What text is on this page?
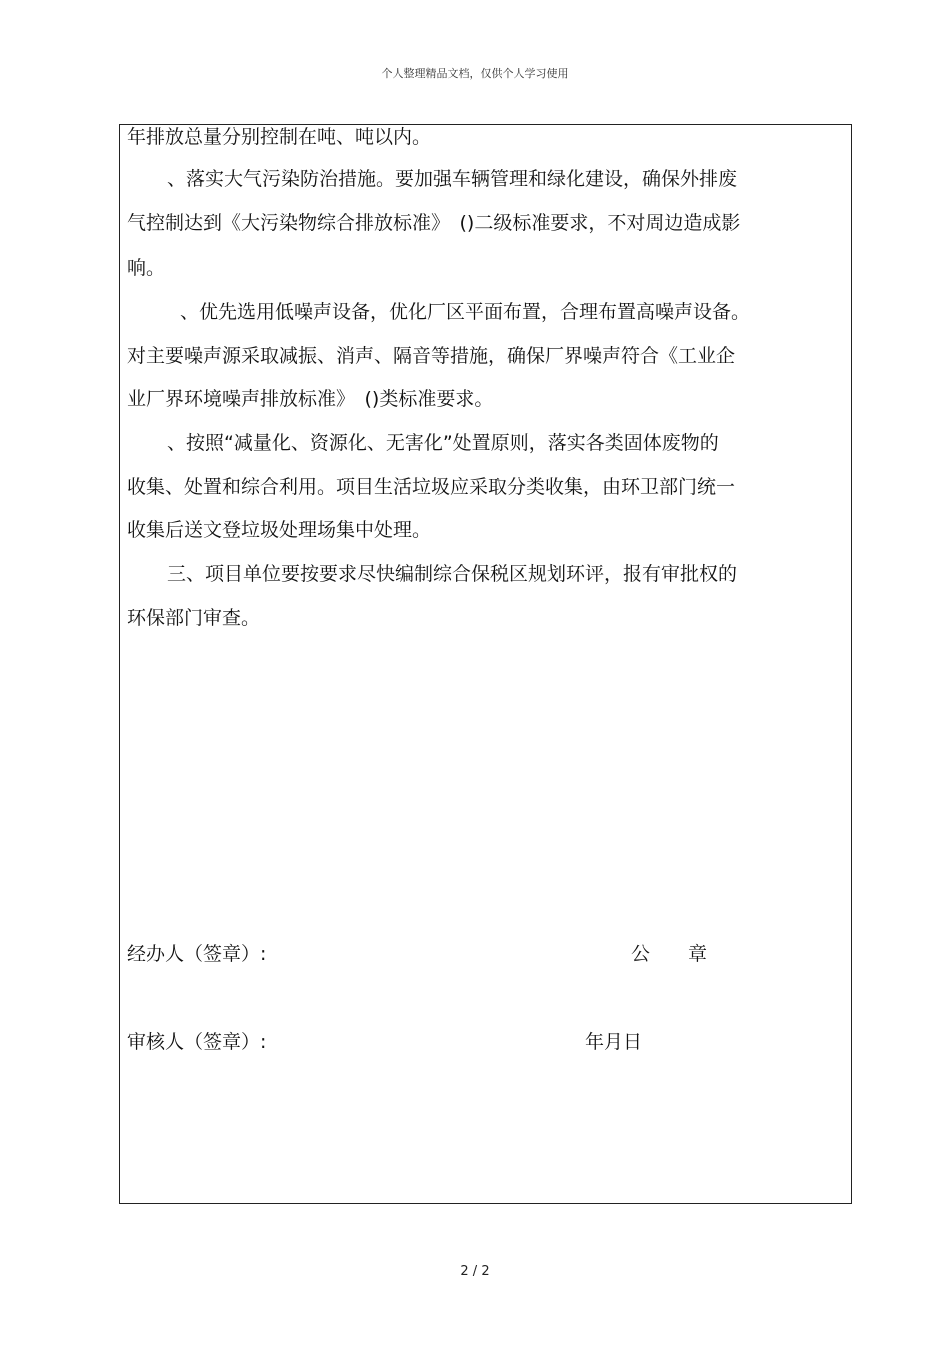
个人整理精品文档，仅供个人学习使用

年排放总量分别控制在吨、吨以内。

、落实大气污染防治措施。要加强车辆管理和绿化建设，确保外排废

气控制达到《大污染物综合排放标准》　()二级标准要求，不对周边造成影

响。

、优先选用低噪声设备，优化厂区平面布置，合理布置高噪声设备。

对主要噪声源采取减振、消声、隔音等措施，确保厂界噪声符合《工业企

业厂界环境噪声排放标准》　()类标准要求。

、按照“减量化、资源化、无害化”处置原则，落实各类固体废物的

收集、处置和综合利用。项目生活垃圾应采取分类收集，由环卫部门统一

收集后送文登垃圾处理场集中处理。

三、项目单位要按要求尽快编制综合保税区规划环评，报有审批权的

环保部门审查。

经办人（签章）:	公　　章
审核人（签章）:	年月日
2 / 2
